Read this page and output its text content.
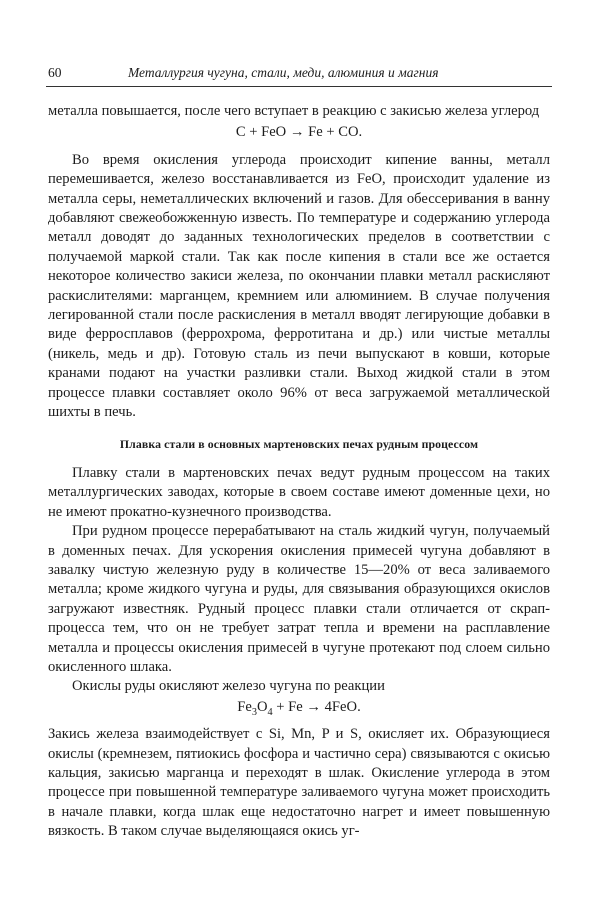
60	Металлургия чугуна, стали, меди, алюминия и магния

металла повышается, после чего вступает в реакцию с закисью железа углерод

C + FeO → Fe + CO.

Во время окисления углерода происходит кипение ванны, металл перемешивается, железо восстанавливается из FeO, происходит удаление из металла серы, неметаллических включений и газов. Для обессеривания в ванну добавляют свежеобожженную известь. По температуре и содержанию углерода металл доводят до заданных технологических пределов в соответствии с получаемой маркой стали. Так как после кипения в стали все же остается некоторое количество закиси железа, по окончании плавки металл раскисляют раскислителями: марганцем, кремнием или алюминием. В случае получения легированной стали после раскисления в металл вводят легирующие добавки в виде ферросплавов (феррохрома, ферротитана и др.) или чистые металлы (никель, медь и др). Готовую сталь из печи выпускают в ковши, которые кранами подают на участки разливки стали. Выход жидкой стали в этом процессе плавки составляет около 96% от веса загружаемой металлической шихты в печь.

Плавка стали в основных мартеновских печах рудным процессом

Плавку стали в мартеновских печах ведут рудным процессом на таких металлургических заводах, которые в своем составе имеют доменные цехи, но не имеют прокатно-кузнечного производства.

При рудном процессе перерабатывают на сталь жидкий чугун, получаемый в доменных печах. Для ускорения окисления примесей чугуна добавляют в завалку чистую железную руду в количестве 15—20% от веса заливаемого металла; кроме жидкого чугуна и руды, для связывания образующихся окислов загружают известняк. Рудный процесс плавки стали отличается от скрап-процесса тем, что он не требует затрат тепла и времени на расплавление металла и процессы окисления примесей в чугуне протекают под слоем сильно окисленного шлака.

Окислы руды окисляют железо чугуна по реакции

$Fe_3O_4 + Fe \to 4FeO$.

Закись железа взаимодействует с Si, Mn, P и S, окисляет их. Образующиеся окислы (кремнезем, пятиокись фосфора и частично сера) связываются с окисью кальция, закисью марганца и переходят в шлак. Окисление углерода в этом процессе при повышенной температуре заливаемого чугуна может происходить в начале плавки, когда шлак еще недостаточно нагрет и имеет повышенную вязкость. В таком случае выделяющаяся окись уг-
